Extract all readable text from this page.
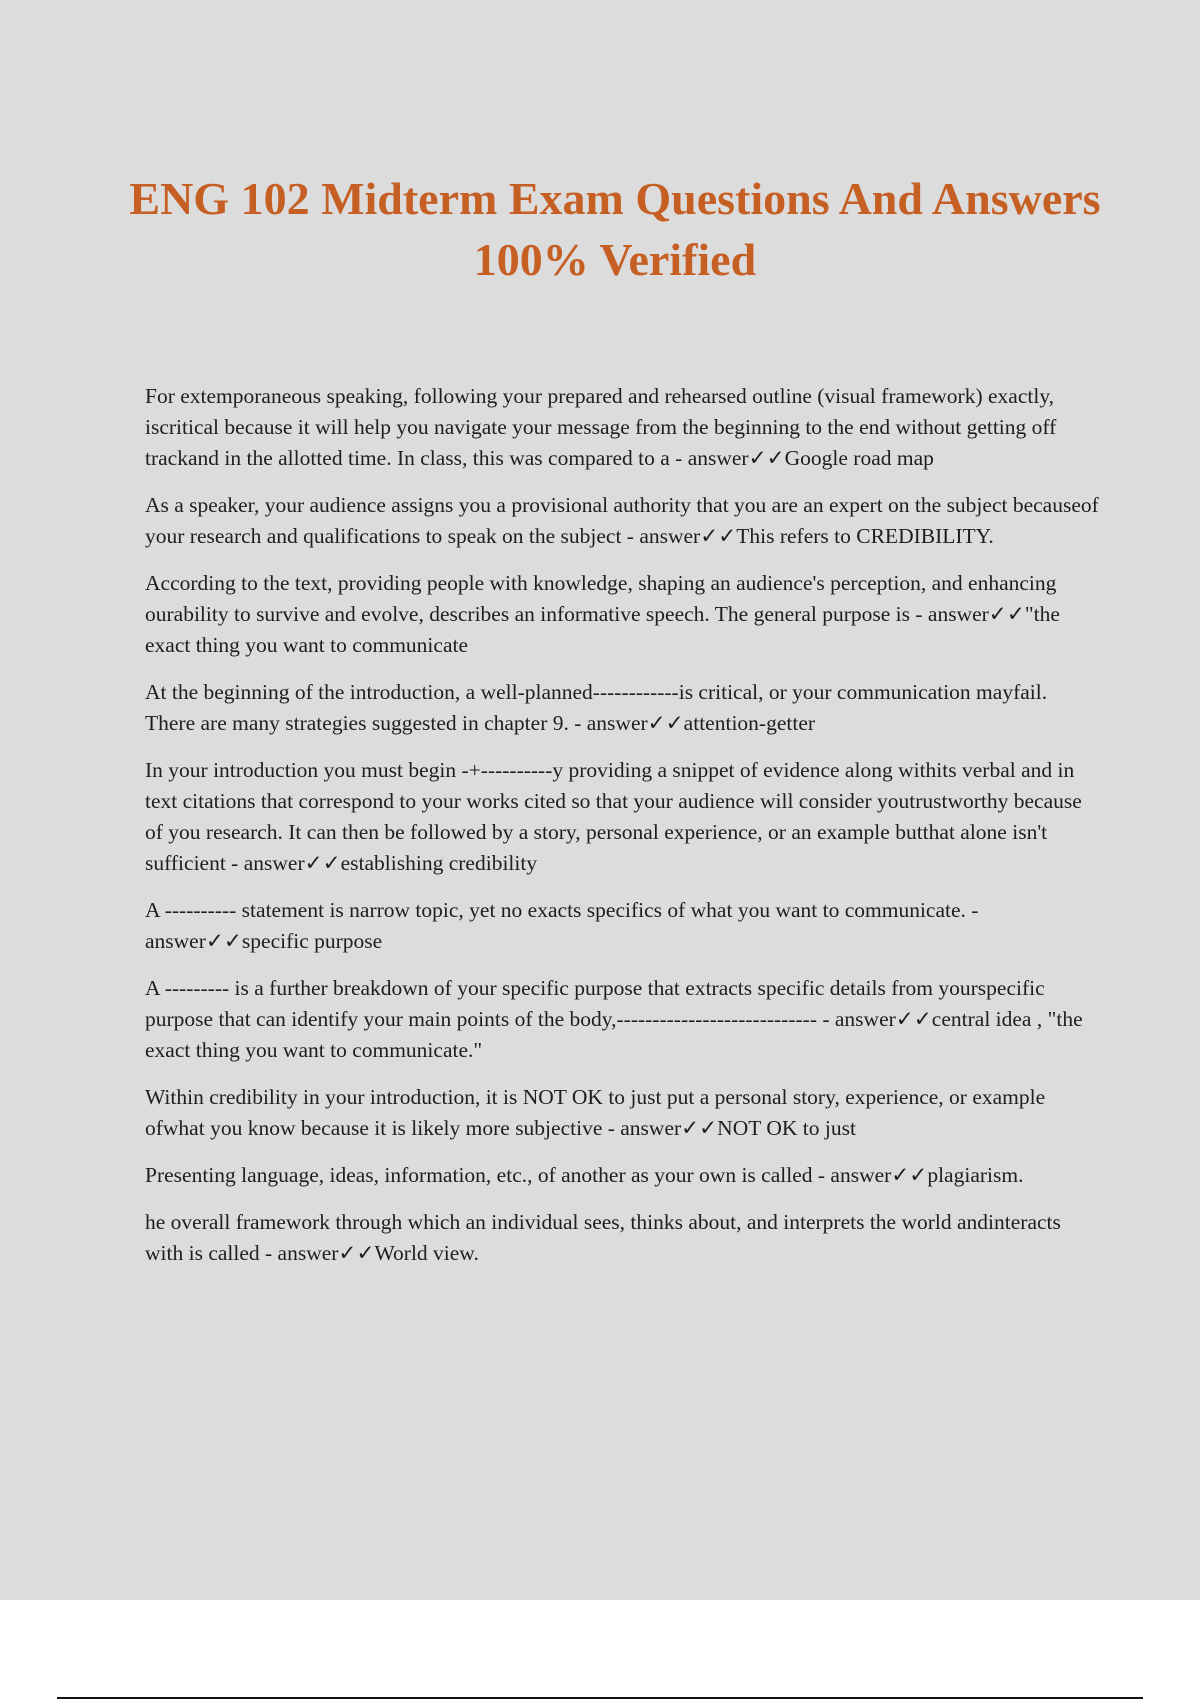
ENG 102 Midterm Exam Questions And Answers 100% Verified
For extemporaneous speaking, following your prepared and rehearsed outline (visual framework) exactly, iscritical because it will help you navigate your message from the beginning to the end without getting off trackand in the allotted time. In class, this was compared to a - answer✓✓Google road map
As a speaker, your audience assigns you a provisional authority that you are an expert on the subject becauseof your research and qualifications to speak on the subject - answer✓✓This refers to CREDIBILITY.
According to the text, providing people with knowledge, shaping an audience's perception, and enhancing ourability to survive and evolve, describes an informative speech. The general purpose is - answer✓✓"the exact thing you want to communicate
At the beginning of the introduction, a well-planned------------is critical, or your communication mayfail. There are many strategies suggested in chapter 9. - answer✓✓attention-getter
In your introduction you must begin -+----------y providing a snippet of evidence along withits verbal and in text citations that correspond to your works cited so that your audience will consider youtrustworthy because of you research. It can then be followed by a story, personal experience, or an example butthat alone isn't sufficient - answer✓✓establishing credibility
A ---------- statement is narrow topic, yet no exacts specifics of what you want to communicate. - answer✓✓specific purpose
A --------- is a further breakdown of your specific purpose that extracts specific details from yourspecific purpose that can identify your main points of the body,---------------------------- - answer✓✓central idea , "the exact thing you want to communicate."
Within credibility in your introduction, it is NOT OK to just put a personal story, experience, or example ofwhat you know because it is likely more subjective - answer✓✓NOT OK to just
Presenting language, ideas, information, etc., of another as your own is called - answer✓✓plagiarism.
he overall framework through which an individual sees, thinks about, and interprets the world andinteracts with is called - answer✓✓World view.
